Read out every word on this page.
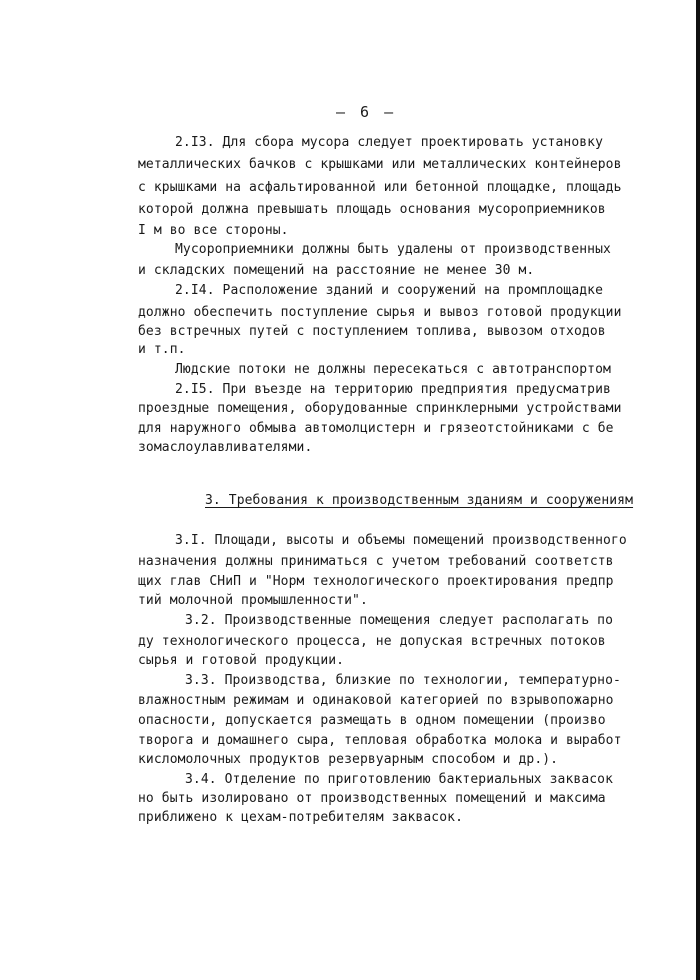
– 6 –
2.I3. Для сбора мусора следует проектировать установку
металлических бачков с крышками или металлических контейнеров
с крышками на асфальтированной или бетонной площадке, площадь
которой должна превышать площадь основания мусороприемников
I м во все стороны.
Мусороприемники должны быть удалены от производственных
и складских помещений на расстояние не менее 30 м.
2.I4. Расположение зданий и сооружений на промплощадке
должно обеспечить поступление сырья и вывоз готовой продукции
без встречных путей с поступлением топлива, вывозом отходов
и т.п.
Людские потоки не должны пересекаться с автотранспортом
2.I5. При въезде на территорию предприятия предусматрив
проездные помещения, оборудованные спринклерными устройствами
для наружного обмыва автомолцистерн и грязеотстойниками с бе
зомаслоулавливателями.
3. Требования к производственным зданиям и сооружениям
3.I. Площади, высоты и объемы помещений производственного
назначения должны приниматься с учетом требований соответств
щих глав СНиП и "Норм технологического проектирования предпр
тий молочной промышленности".
3.2. Производственные помещения следует располагать по
ду технологического процесса, не допуская встречных потоков
сырья и готовой продукции.
3.3. Производства, близкие по технологии, температурно-
влажностным режимам и одинаковой категорией по взрывопожарно
опасности, допускается размещать в одном помещении (произво
творога и домашнего сыра, тепловая обработка молока и выработ
кисломолочных продуктов резервуарным способом и др.).
3.4. Отделение по приготовлению бактериальных заквасок
но быть изолировано от производственных помещений и максима
приближено к цехам-потребителям заквасок.
